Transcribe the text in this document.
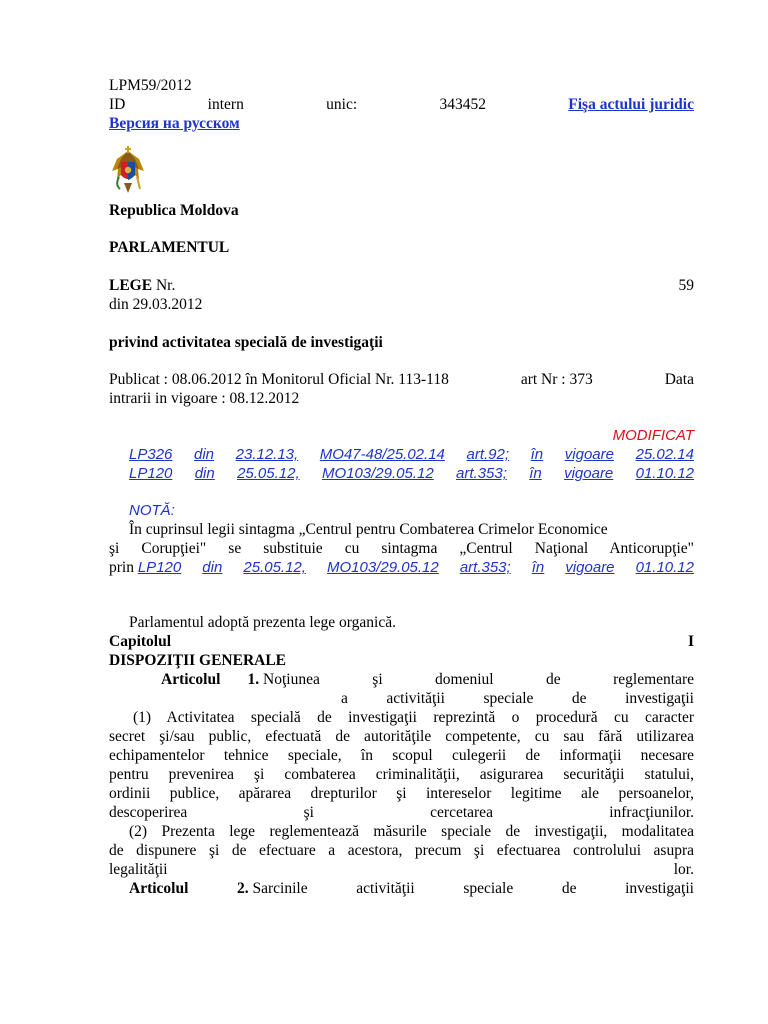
LPM59/2012

ID	intern	unic:	343452	Fişa actului juridic

Версия на русском

Republica Moldova

PARLAMENTUL

LEGE Nr.	59

din 29.03.2012

privind activitatea specială de investigaţii

Publicat : 08.06.2012 în Monitorul Oficial Nr. 113-118	art Nr : 373	Data

intrarii in vigoare : 08.12.2012

MODIFICAT

LP326 din 23.12.13, MO47-48/25.02.14 art.92; în vigoare 25.02.14
LP120 din 25.05.12, MO103/29.05.12 art.353; în vigoare 01.10.12

NOTĂ:

În cuprinsul legii sintagma „Centrul pentru Combaterea Crimelor Economice

şi Corupţiei" se substituie cu sintagma „Centrul Naţional Anticorupţie"

prin
LP120 din 25.05.12, MO103/29.05.12 art.353; în vigoare 01.10.12

Parlamentul adoptă prezenta lege organică.

Capitolul	I

DISPOZIŢII GENERALE

Articolul 1. Noţiunea	şi	domeniul	de	reglementare
a activităţii speciale de investigaţii

(1) Activitatea specială de investigaţii reprezintă o procedură cu caracter

secret şi/sau public, efectuată de autorităţile competente, cu sau fără utilizarea

echipamentelor tehnice speciale, în scopul culegerii de informaţii necesare

pentru prevenirea şi combaterea criminalităţii, asigurarea securităţii statului,

ordinii publice, apărarea drepturilor şi intereselor legitime ale persoanelor,

descoperirea	şi	cercetarea	infracţiunilor.

(2) Prezenta lege reglementează măsurile speciale de investigaţii, modalitatea

de dispunere şi de efectuare a acestora, precum şi efectuarea controlului asupra

legalităţii	lor.

Articolul	2. Sarcinile	activităţii	speciale	de	investigaţii
